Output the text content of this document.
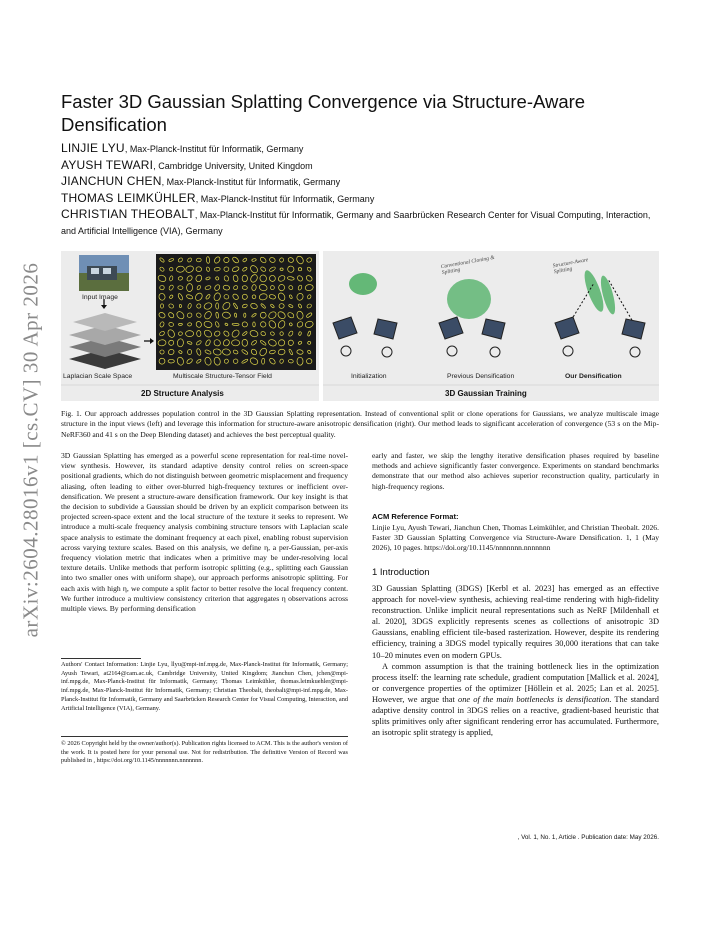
arXiv:2604.28016v1 [cs.CV] 30 Apr 2026
Faster 3D Gaussian Splatting Convergence via Structure-Aware Densification
LINJIE LYU, Max-Planck-Institut für Informatik, Germany
AYUSH TEWARI, Cambridge University, United Kingdom
JIANCHUN CHEN, Max-Planck-Institut für Informatik, Germany
THOMAS LEIMKÜHLER, Max-Planck-Institut für Informatik, Germany
CHRISTIAN THEOBALT, Max-Planck-Institut für Informatik, Germany and Saarbrücken Research Center for Visual Computing, Interaction, and Artificial Intelligence (VIA), Germany
Input Image
Laplacian Scale Space	Multiscale Structure-Tensor Field
2D Structure Analysis
Conventional Cloning & Splitting
Structure-Aware Splitting
Initialization	Previous Densification	Our Densification
3D Gaussian Training
Fig. 1. Our approach addresses population control in the 3D Gaussian Splatting representation. Instead of conventional split or clone operations for Gaussians, we analyze multiscale image structure in the input views (left) and leverage this information for structure-aware anisotropic densification (right). Our method leads to significant acceleration of convergence (53 s on the Mip-NeRF360 and 41 s on the Deep Blending dataset) and achieves the best perceptual quality.

3D Gaussian Splatting has emerged as a powerful scene representation for real-time novel-view synthesis. However, its standard adaptive density control relies on screen-space positional gradients, which do not distinguish between geometric misplacement and frequency aliasing, often leading to either over-blurred high-frequency textures or inefficient over-densification. We present a structure-aware densification framework. Our key insight is that the decision to subdivide a Gaussian should be driven by an explicit comparison between its projected screen-space extent and the local structure of the texture it seeks to represent. We introduce a multi-scale frequency analysis combining structure tensors with Laplacian scale space analysis to estimate the dominant frequency at each pixel, enabling robust supervision across varying texture scales. Based on this analysis, we define η, a per-Gaussian, per-axis frequency violation metric that indicates when a primitive may be under-resolving local texture details. Unlike methods that perform isotropic splitting (e.g., splitting each Gaussian into two smaller ones with uniform shape), our approach performs anisotropic splitting. For each axis with high η, we compute a split factor to better resolve the local frequency content. We further introduce a multiview consistency criterion that aggregates η observations across multiple views. By performing densification

Authors' Contact Information: Linjie Lyu, llyu@mpi-inf.mpg.de, Max-Planck-Institut für Informatik, Germany; Ayush Tewari, at2164@cam.ac.uk, Cambridge University, United Kingdom; Jianchun Chen, jchen@mpi-inf.mpg.de, Max-Planck-Institut für Informatik, Germany; Thomas Leimkühler, thomas.leimkuehler@mpi-inf.mpg.de, Max-Planck-Institut für Informatik, Germany; Christian Theobalt, theobalt@mpi-inf.mpg.de, Max-Planck-Institut für Informatik, Germany and Saarbrücken Research Center for Visual Computing, Interaction, and Artificial Intelligence (VIA), Germany.
© 2026 Copyright held by the owner/author(s). Publication rights licensed to ACM. This is the author's version of the work. It is posted here for your personal use. Not for redistribution. The definitive Version of Record was published in , https://doi.org/10.1145/nnnnnnn.nnnnnnn.

early and faster, we skip the lengthy iterative densification phases required by baseline methods and achieve significantly faster convergence. Experiments on standard benchmarks demonstrate that our method also achieves superior reconstruction quality, particularly in high-frequency regions.

ACM Reference Format:
Linjie Lyu, Ayush Tewari, Jianchun Chen, Thomas Leimkühler, and Christian Theobalt. 2026. Faster 3D Gaussian Splatting Convergence via Structure-Aware Densification. 1, 1 (May 2026), 10 pages. https://doi.org/10.1145/nnnnnnn.nnnnnnn
1 Introduction

3D Gaussian Splatting (3DGS) [Kerbl et al. 2023] has emerged as an effective approach for novel-view synthesis, achieving real-time rendering with high-fidelity reconstruction. Unlike implicit neural representations such as NeRF [Mildenhall et al. 2020], 3DGS explicitly represents scenes as collections of anisotropic 3D Gaussians, enabling efficient tile-based rasterization. However, despite its rendering efficiency, training a 3DGS model typically requires 30,000 iterations that can take 10–20 minutes even on modern GPUs.

A common assumption is that the training bottleneck lies in the optimization process itself: the learning rate schedule, gradient computation [Mallick et al. 2024], or convergence properties of the optimizer [Höllein et al. 2025; Lan et al. 2025]. However, we argue that one of the main bottlenecks is densification. The standard adaptive density control in 3DGS relies on a reactive, gradient-based heuristic that splits primitives only after significant rendering error has accumulated. Furthermore, an isotropic split strategy is applied,

, Vol. 1, No. 1, Article . Publication date: May 2026.
